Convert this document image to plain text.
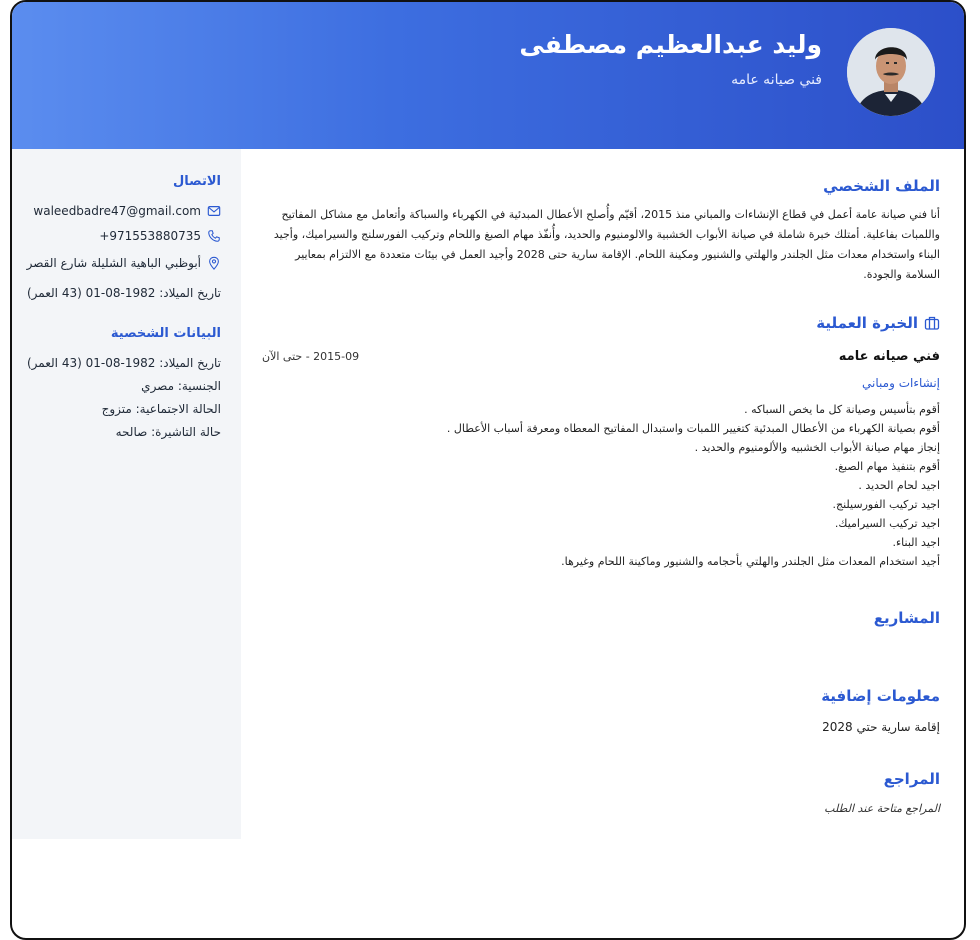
وليد عبدالعظيم مصطفى
فني صيانه عامه
الاتصال
waleedbadre47@gmail.com
+971553880735
أبوظبي الباهية الشليلة شارع القصر
تاريخ الميلاد: 1982-08-01 (43 العمر)
البيانات الشخصية
تاريخ الميلاد: 1982-08-01 (43 العمر)
الجنسية: مصري
الحالة الاجتماعية: متزوج
حالة التاشيرة: صالحه
الملف الشخصي
أنا فني صيانة عامة أعمل في قطاع الإنشاءات والمباني منذ 2015، أقيّم وأُصلح الأعطال المبدئية في الكهرباء والسباكة وأتعامل مع مشاكل المفاتيح واللمبات بفاعلية. أمتلك خبرة شاملة في صيانة الأبواب الخشبية والالومنيوم والحديد، وأُنفّذ مهام الصبغ واللحام وتركيب الفورسلنج والسيراميك، وأجيد البناء واستخدام معدات مثل الجلندر والهلتي والشنيور ومكينة اللحام. الإقامة سارية حتى 2028 وأجيد العمل في بيئات متعددة مع الالتزام بمعايير السلامة والجودة.
الخبرة العملية
فني صيانه عامه
2015-09 - حتى الآن
إنشاءات ومباني
أقوم بتأسيس وصيانة كل ما يخص السباكه .
أقوم بصيانة الكهرباء من الأعطال المبدئية كتغيير اللمبات واستبدال المفاتيح المعطاه ومعرفة أسباب الأعطال .
إنجاز مهام صيانة الأبواب الخشبيه والألومنيوم والحديد .
أقوم بتنفيذ مهام الصبغ.
اجيد لحام الحديد .
اجيد تركيب الفورسيلنج.
اجيد تركيب السيراميك.
اجيد البناء.
أجيد استخدام المعدات مثل الجلندر والهلتي بأحجامه والشنيور وماكينة اللحام وغيرها.
المشاريع
معلومات إضافية
إقامة سارية حتي 2028
المراجع
المراجع متاحة عند الطلب
